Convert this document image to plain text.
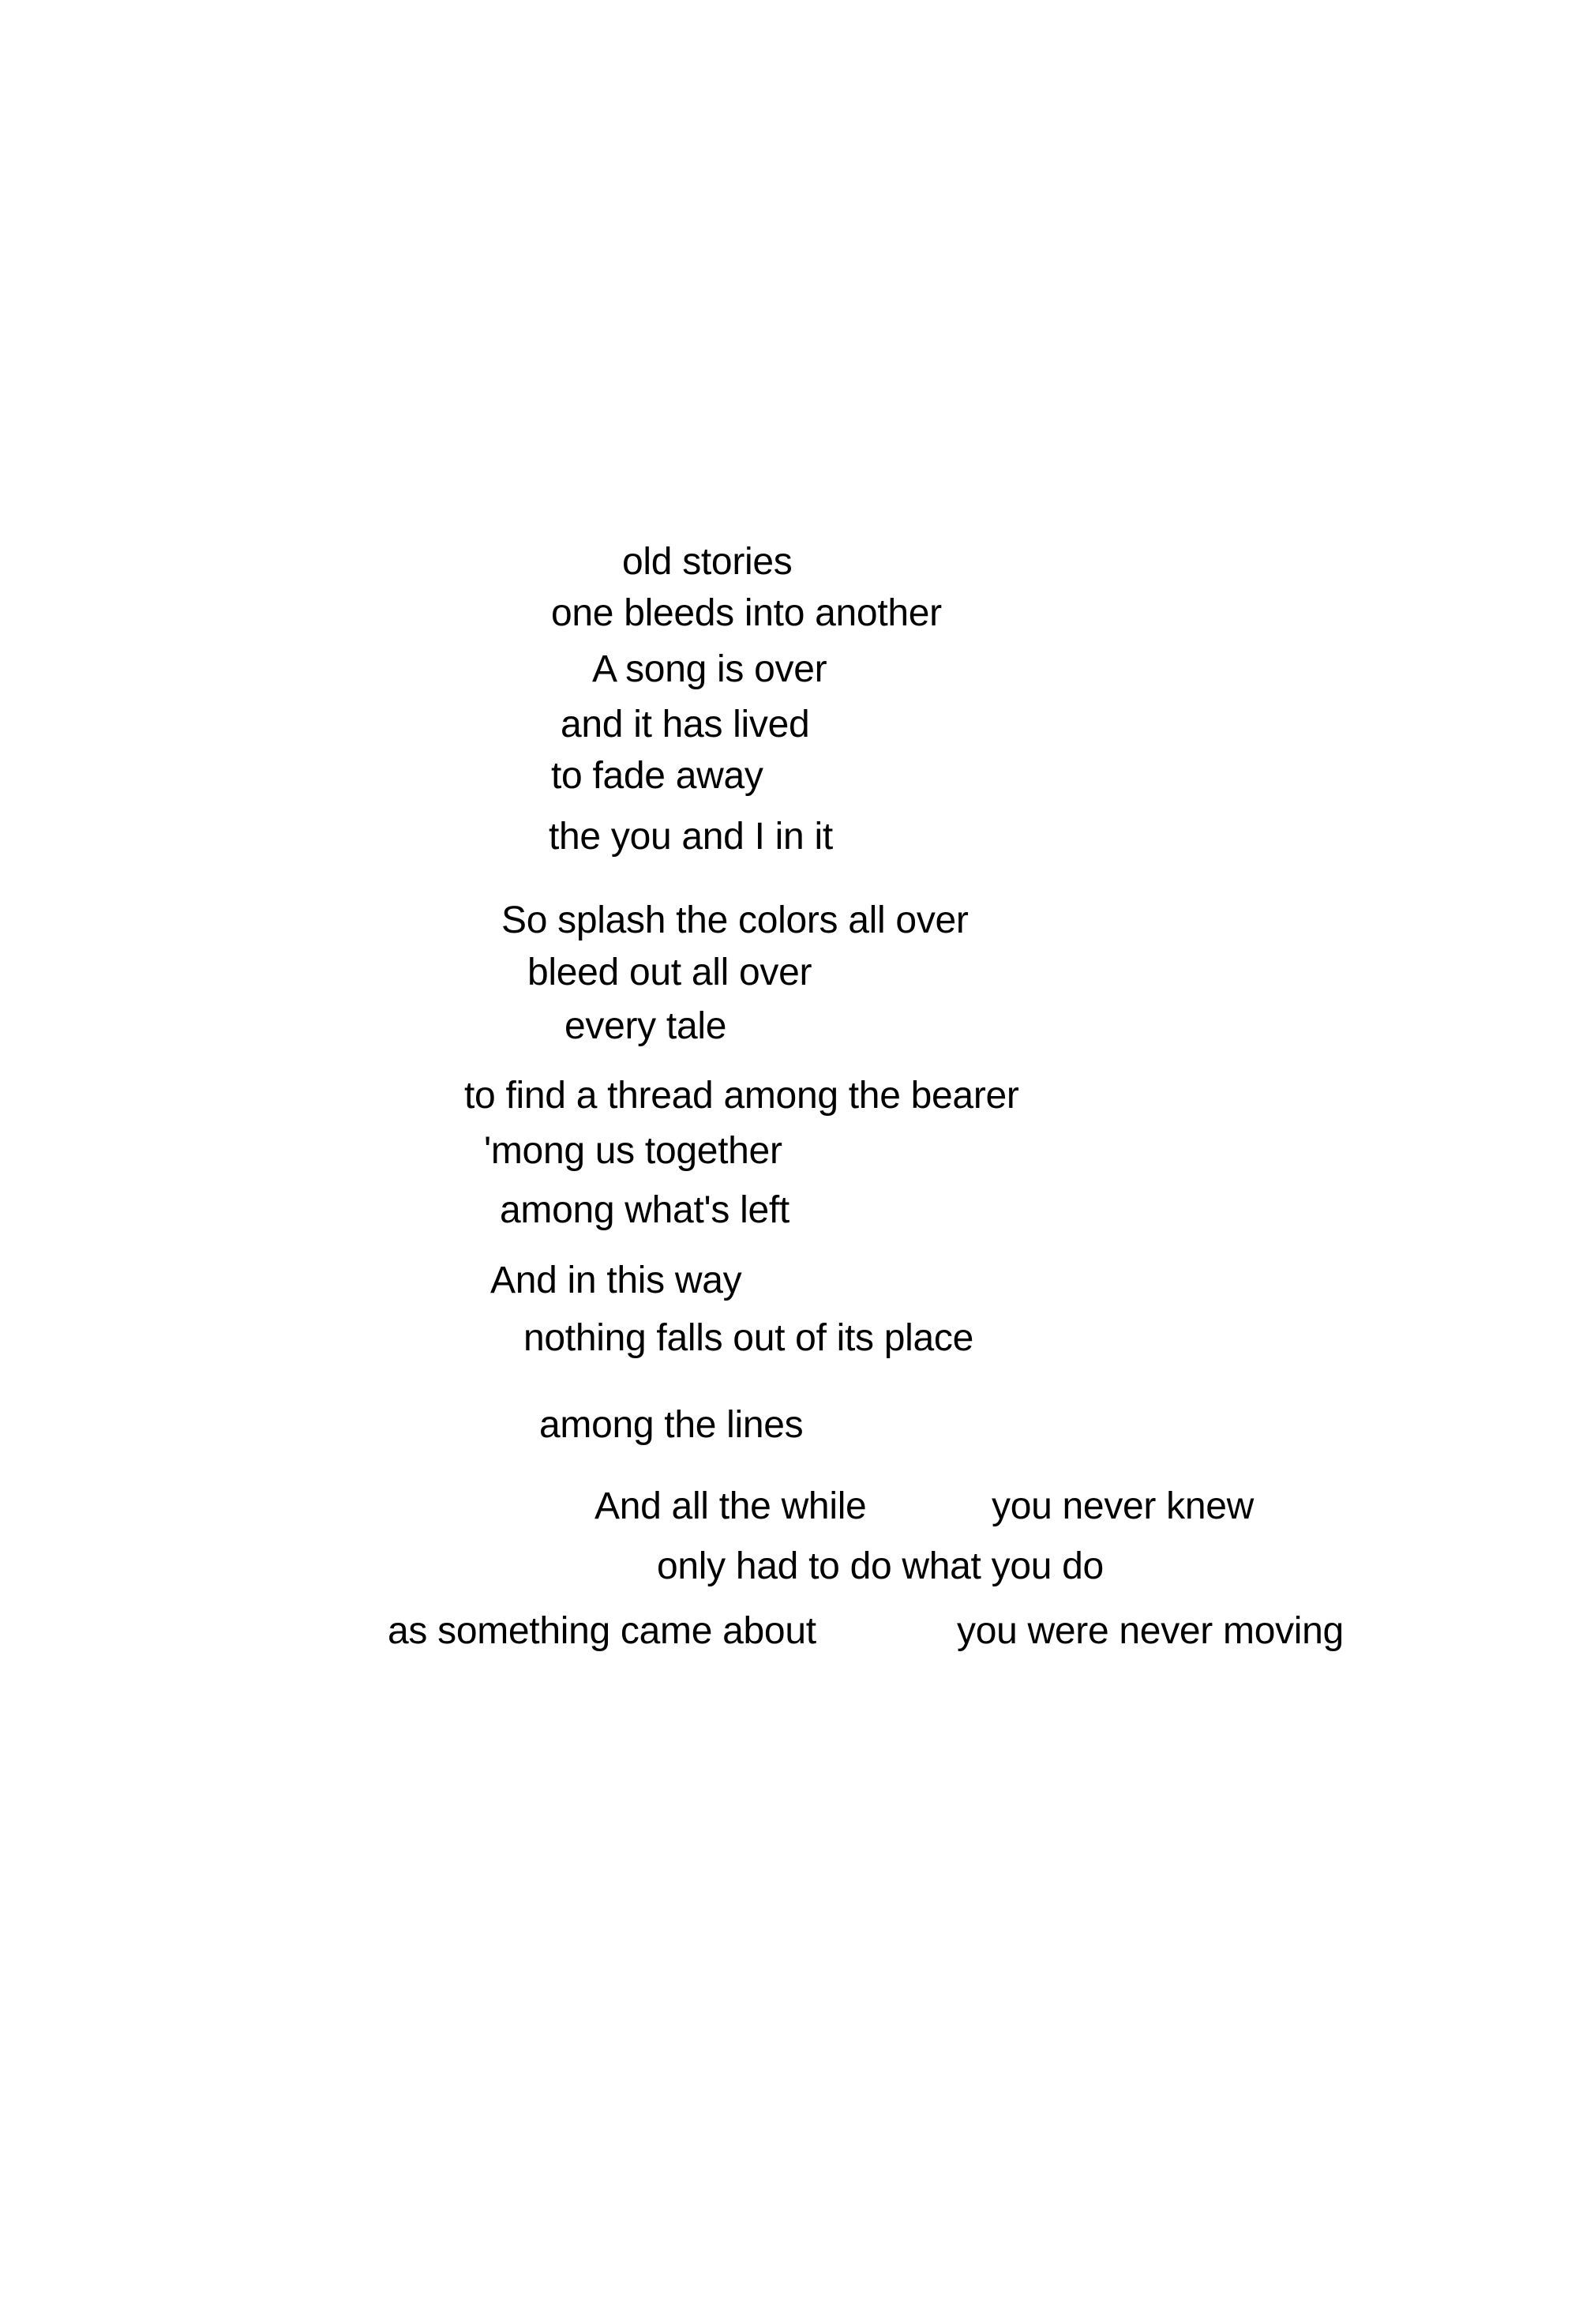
old stories
one bleeds into another
A song is over
and it has lived
to fade away
the you and I in it
So splash the colors all over
bleed out all over
every tale
to find a thread among the bearer
'mong us together
among what's left
And in this way
nothing falls out of its place
among the lines
And all the while	you never knew
only had to do what you do
as something came about	you were never moving
